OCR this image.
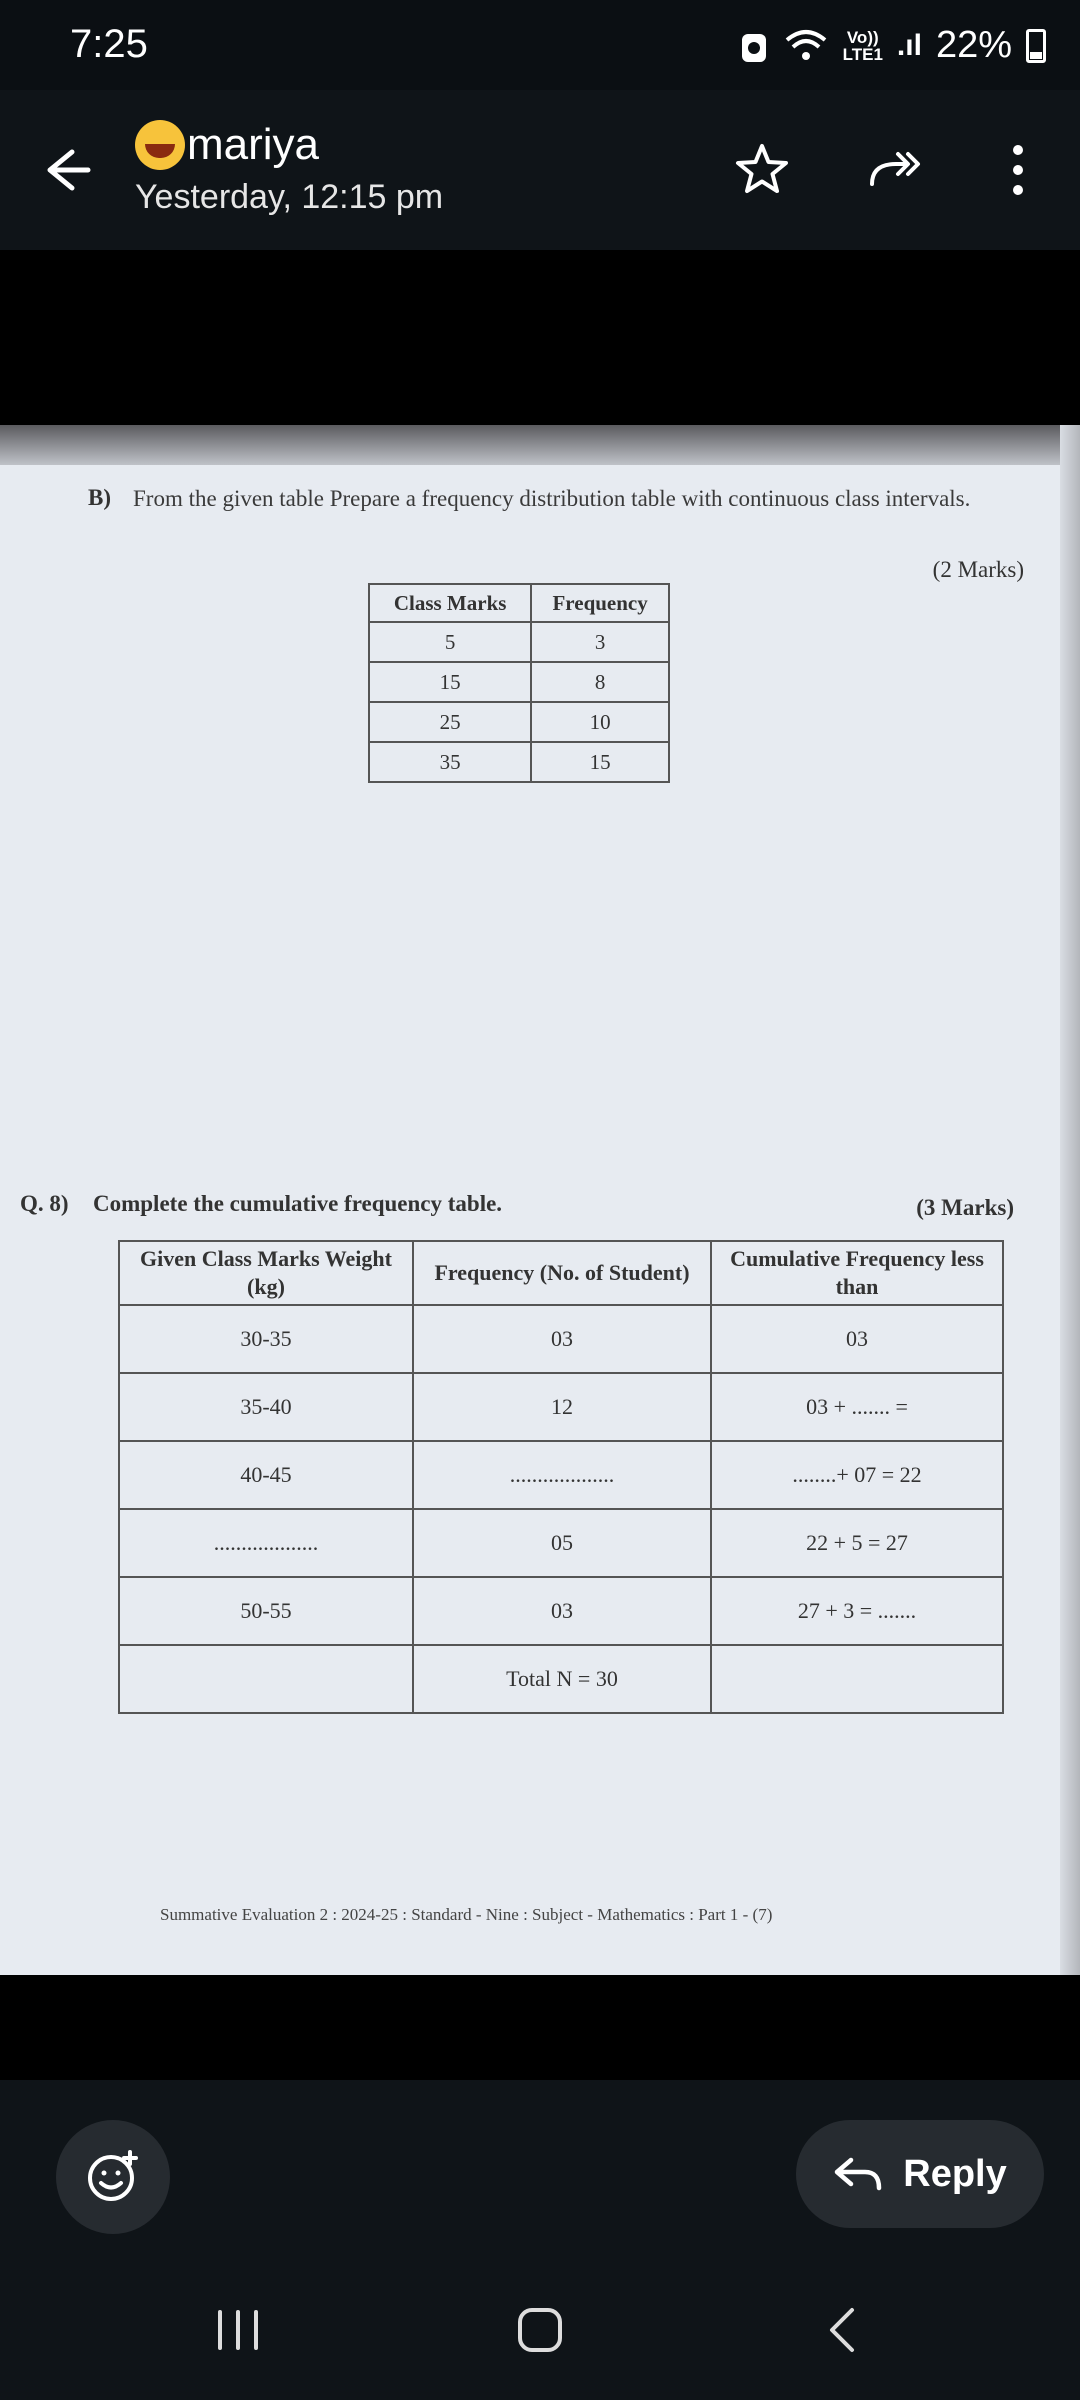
7:25	Vo))
LTE1 .ıl 22%
mariya
Yesterday, 12:15 pm
B) From the given table Prepare a frequency distribution table with continuous class intervals.

(2 Marks)
Class Marks	Frequency
5	3
15	8
25	10
35	15
Q. 8) Complete the cumulative frequency table.	(3 Marks)
Given Class Marks Weight (kg)	Frequency (No. of Student)	Cumulative Frequency less than
30-35	03	03
35-40	12	03 + ....... =
40-45	...................	........+ 07 = 22
...................	05	22 + 5 = 27
50-55	03	27 + 3 = .......
	Total N = 30	
Summative Evaluation 2 : 2024-25 : Standard - Nine : Subject - Mathematics : Part 1 - (7)
Reply
